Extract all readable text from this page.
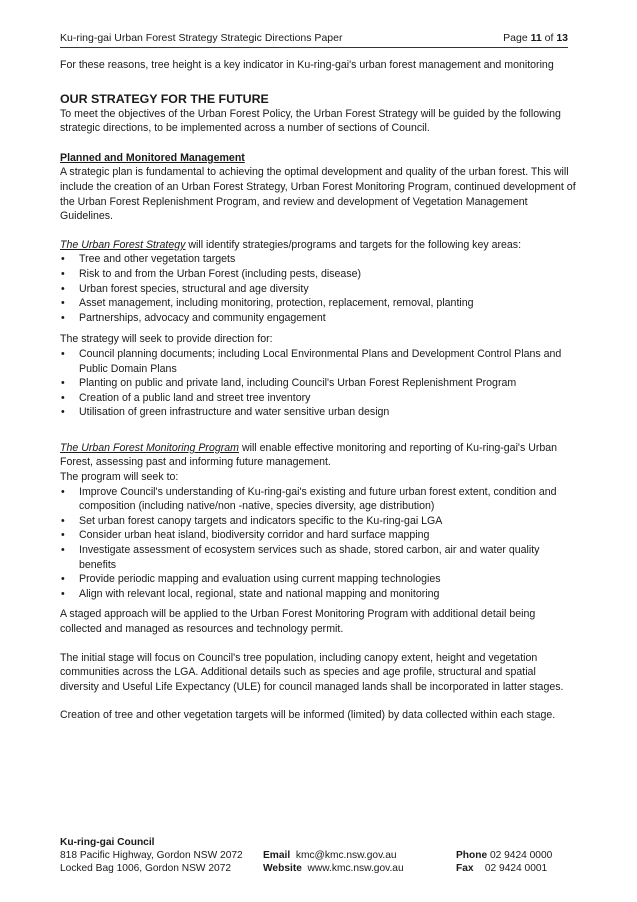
Ku-ring-gai Urban Forest Strategy Strategic Directions Paper	Page 11 of 13

For these reasons, tree height is a key indicator in Ku-ring-gai's urban forest management and monitoring

OUR STRATEGY FOR THE FUTURE

To meet the objectives of the Urban Forest Policy, the Urban Forest Strategy will be guided by the following strategic directions, to be implemented across a number of sections of Council.

Planned and Monitored Management

A strategic plan is fundamental to achieving the optimal development and quality of the urban forest. This will include the creation of an Urban Forest Strategy, Urban Forest Monitoring Program, continued development of the Urban Forest Replenishment Program, and review and development of Vegetation Management Guidelines.

The Urban Forest Strategy will identify strategies/programs and targets for the following key areas:

• Tree and other vegetation targets
• Risk to and from the Urban Forest (including pests, disease)
• Urban forest species, structural and age diversity
• Asset management, including monitoring, protection, replacement, removal, planting
• Partnerships, advocacy and community engagement

The strategy will seek to provide direction for:

• Council planning documents; including Local Environmental Plans and Development Control Plans and Public Domain Plans
• Planting on public and private land, including Council's Urban Forest Replenishment Program
• Creation of a public land and street tree inventory
• Utilisation of green infrastructure and water sensitive urban design

The Urban Forest Monitoring Program will enable effective monitoring and reporting of Ku-ring-gai's Urban Forest, assessing past and informing future management.

The program will seek to:

• Improve Council's understanding of Ku-ring-gai's existing and future urban forest extent, condition and composition (including native/non -native, species diversity, age distribution)
• Set urban forest canopy targets and indicators specific to the Ku-ring-gai LGA
• Consider urban heat island, biodiversity corridor and hard surface mapping
• Investigate assessment of ecosystem services such as shade, stored carbon, air and water quality benefits
• Provide periodic mapping and evaluation using current mapping technologies
• Align with relevant local, regional, state and national mapping and monitoring

A staged approach will be applied to the Urban Forest Monitoring Program with additional detail being collected and managed as resources and technology permit.

The initial stage will focus on Council's tree population, including canopy extent, height and vegetation communities across the LGA. Additional details such as species and age profile, structural and spatial diversity and Useful Life Expectancy (ULE) for council managed lands shall be incorporated in latter stages.

Creation of tree and other vegetation targets will be informed (limited) by data collected within each stage.

Ku-ring-gai Council
818 Pacific Highway, Gordon NSW 2072	Email kmc@kmc.nsw.gov.au	Phone 02 9424 0000
Locked Bag 1006, Gordon NSW 2072	Website www.kmc.nsw.gov.au	Fax 02 9424 0001
